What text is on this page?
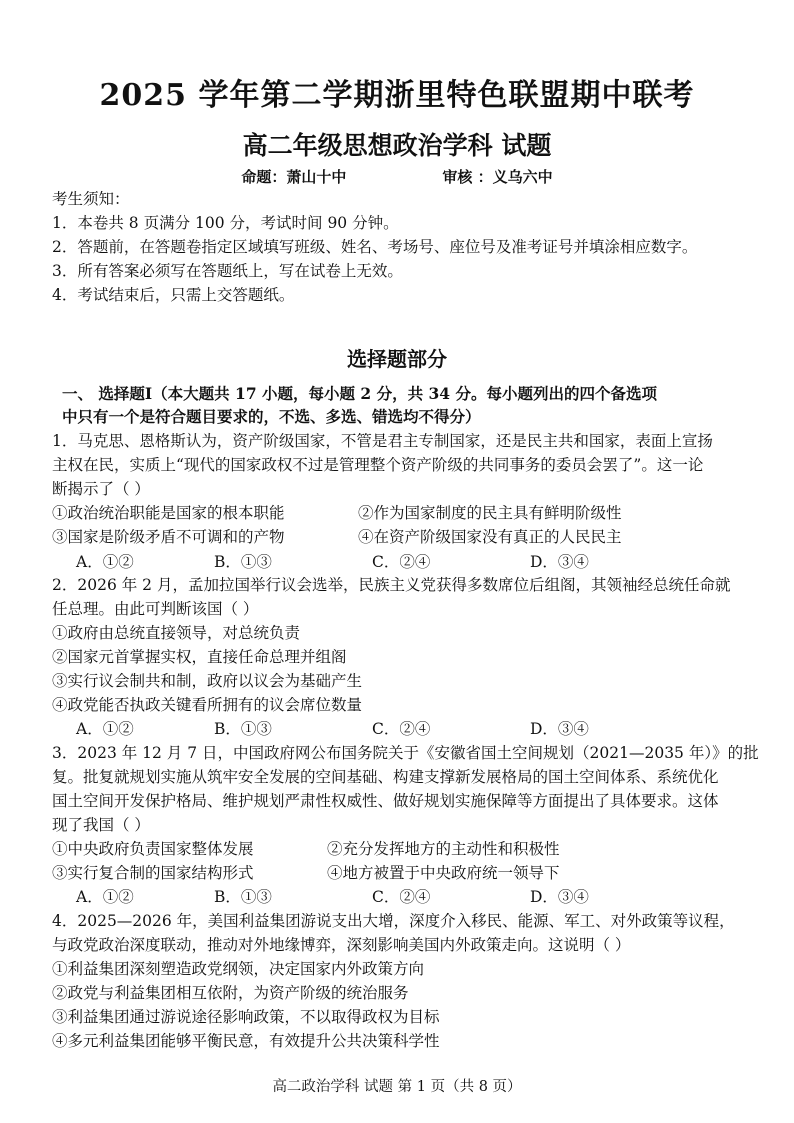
2025 学年第二学期浙里特色联盟期中联考
高二年级思想政治学科 试题
命题：萧山十中	审核 ：义乌六中
考生须知：
1．本卷共 8 页满分 100 分，考试时间 90 分钟。
2．答题前，在答题卷指定区域填写班级、姓名、考场号、座位号及准考证号并填涂相应数字。
3．所有答案必须写在答题纸上，写在试卷上无效。
4．考试结束后，只需上交答题纸。
选择题部分
一、 选择题Ⅰ（本大题共 17 小题，每小题 2 分，共 34 分。每小题列出的四个备选项
中只有一个是符合题目要求的，不选、多选、错选均不得分）
1．马克思、恩格斯认为，资产阶级国家，不管是君主专制国家，还是民主共和国家，表面上宣扬
主权在民，实质上“现代的国家政权不过是管理整个资产阶级的共同事务的委员会罢了”。这一论
断揭示了（ ）
①政治统治职能是国家的根本职能	②作为国家制度的民主具有鲜明阶级性
③国家是阶级矛盾不可调和的产物	④在资产阶级国家没有真正的人民民主
A．①②	B．①③	C．②④	D．③④
2．2026 年 2 月，孟加拉国举行议会选举，民族主义党获得多数席位后组阁，其领袖经总统任命就
任总理。由此可判断该国（ ）
①政府由总统直接领导，对总统负责
②国家元首掌握实权，直接任命总理并组阁
③实行议会制共和制，政府以议会为基础产生
④政党能否执政关键看所拥有的议会席位数量
A．①②	B．①③	C．②④	D．③④
3．2023 年 12 月 7 日，中国政府网公布国务院关于《安徽省国土空间规划（2021—2035 年）》的批
复。批复就规划实施从筑牢安全发展的空间基础、构建支撑新发展格局的国土空间体系、系统优化
国土空间开发保护格局、维护规划严肃性权威性、做好规划实施保障等方面提出了具体要求。这体
现了我国（ ）
①中央政府负责国家整体发展	②充分发挥地方的主动性和积极性
③实行复合制的国家结构形式	④地方被置于中央政府统一领导下
A．①②	B．①③	C．②④	D．③④
4．2025—2026 年，美国利益集团游说支出大增，深度介入移民、能源、军工、对外政策等议程，
与政党政治深度联动，推动对外地缘博弈，深刻影响美国内外政策走向。这说明（ ）
①利益集团深刻塑造政党纲领，决定国家内外政策方向
②政党与利益集团相互依附，为资产阶级的统治服务
③利益集团通过游说途径影响政策，不以取得政权为目标
④多元利益集团能够平衡民意，有效提升公共决策科学性
高二政治学科 试题 第 1 页（共 8 页）
